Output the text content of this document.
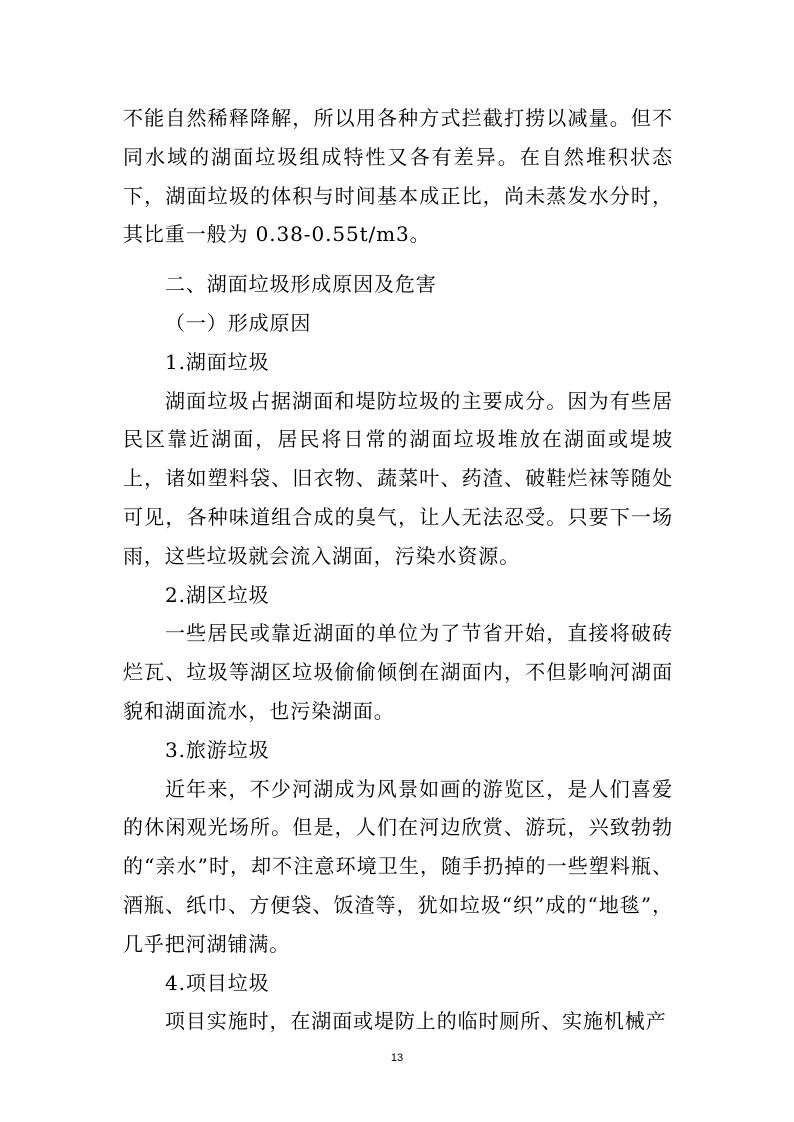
不能自然稀释降解，所以用各种方式拦截打捞以减量。但不同水域的湖面垃圾组成特性又各有差异。在自然堆积状态下，湖面垃圾的体积与时间基本成正比，尚未蒸发水分时，其比重一般为 0.38-0.55t/m3。

二、湖面垃圾形成原因及危害

（一）形成原因

1.湖面垃圾

湖面垃圾占据湖面和堤防垃圾的主要成分。因为有些居民区靠近湖面，居民将日常的湖面垃圾堆放在湖面或堤坡上，诸如塑料袋、旧衣物、蔬菜叶、药渣、破鞋烂袜等随处可见，各种味道组合成的臭气，让人无法忍受。只要下一场雨，这些垃圾就会流入湖面，污染水资源。

2.湖区垃圾

一些居民或靠近湖面的单位为了节省开始，直接将破砖烂瓦、垃圾等湖区垃圾偷偷倾倒在湖面内，不但影响河湖面貌和湖面流水，也污染湖面。

3.旅游垃圾

近年来，不少河湖成为风景如画的游览区，是人们喜爱的休闲观光场所。但是，人们在河边欣赏、游玩，兴致勃勃的“亲水”时，却不注意环境卫生，随手扔掉的一些塑料瓶、酒瓶、纸巾、方便袋、饭渣等，犹如垃圾“织”成的“地毯”，几乎把河湖铺满。

4.项目垃圾

项目实施时，在湖面或堤防上的临时厕所、实施机械产

13
